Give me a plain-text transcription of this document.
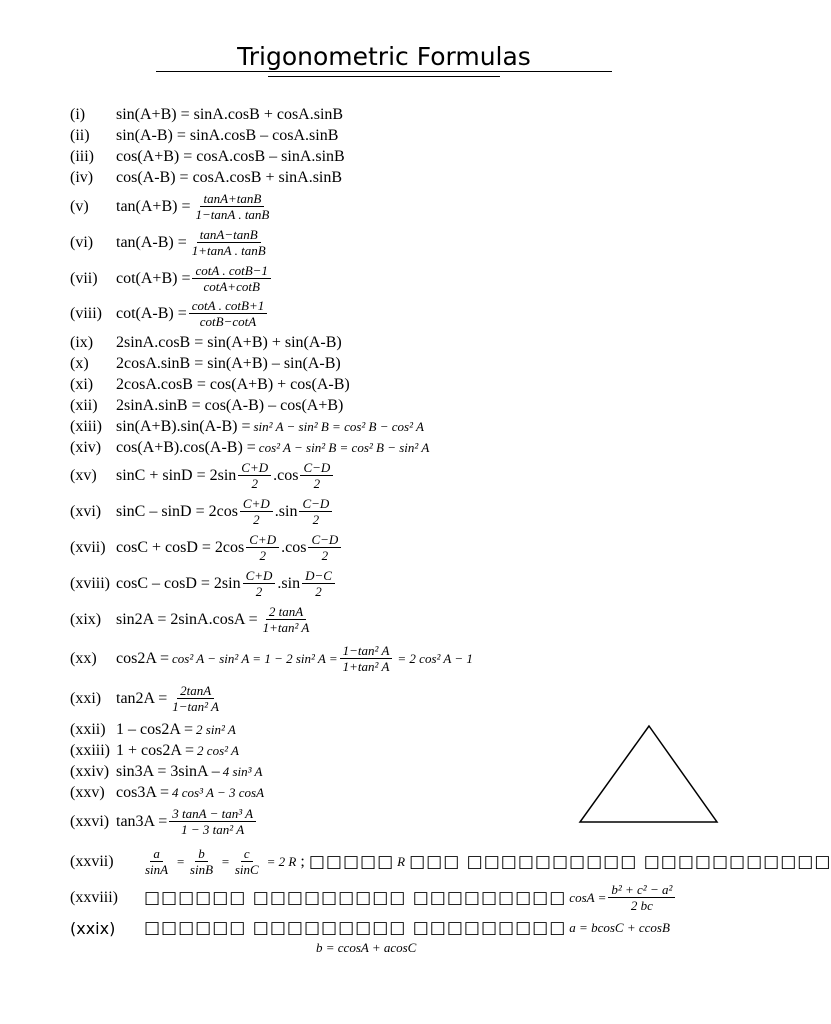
Trigonometric Formulas
(i)	sin(A+B) = sinA.cosB + cosA.sinB
(ii)	sin(A-B) = sinA.cosB – cosA.sinB
(iii)	cos(A+B) = cosA.cosB – sinA.sinB
(iv)	cos(A-B) = cosA.cosB + sinA.sinB
(v)	$\tan(A+B) = \frac{\tan A+\tan B}{1-\tan A . \tan B}$
(vi)	$\tan(A-B) = \frac{\tan A-\tan B}{1+\tan A . \tan B}$
(vii)	$\cot(A+B) = \frac{\cot A . \cot B-1}{\cot A+\cot B}$
(viii) $\cot(A-B) = \frac{\cot A . \cot B+1}{\cot B-\cot A}$
(ix)	2sinA.cosB = sin(A+B) + sin(A-B)
(x)	2cosA.sinB = sin(A+B) – sin(A-B)
(xi)	2cosA.cosB = cos(A+B) + cos(A-B)
(xii)	2sinA.sinB = cos(A-B) – cos(A+B)
(xiii) sin(A+B).sin(A-B) = sin² A − sin² B = cos² B − cos² A
(xiv) cos(A+B).cos(A-B) = cos² A − sin² B = cos² B − sin² A
(xv)	$\sin C + \sin D = 2\sin \frac{C+D}{2} .\cos \frac{C-D}{2}$
(xvi) $\sin C - \sin D = 2\cos \frac{C+D}{2} .\sin \frac{C-D}{2}$
(xvii) $\cos C + \cos D = 2\cos \frac{C+D}{2} .\cos \frac{C-D}{2}$
(xviii) $\cos C - \cos D = 2\sin \frac{C+D}{2} .\sin \frac{D-C}{2}$
(xix) $\sin 2A = 2\sin A.\cos A = \frac{2 \tan A}{\text{1+tan² A}}$
(xx)	cos2A = cos² A − sin² A = 1 − 2 sin² $A = \frac{\text{1−tan² A}}{\text{1+tan² A}} = 2$ cos² A − 1
(xxi) $\tan 2A = \frac{2\tan A}{\text{1−tan² A}}$
(xxii) 1 – cos2A = 2 sin² A
(xxiii) 1 + cos2A = 2 cos² A
(xxiv) sin3A = 3sinA – 4 sin³ A
(xxv) cos3A = 4 cos³ A − 3 cosA
(xxvi) $\tan 3A = \frac{\text{3 tanA − tan³ A}}{\text{1 − 3 tan² A}}$
(xxvii)	$\frac{a}{\sin A} = \frac{b}{\sin B} = \frac{c}{\sin C} = 2$ R ; □□□□□ R □□□ □□□□□□□□□□ □□□□□□□□□□□
(xxviii)	□□□□□□ □□□□□□□□□ □□□□□□□□□ $\cos A = \frac{\text{b² + c² − a²}}{2 bc}$
(xxix)	□□□□□□ □□□□□□□□□ □□□□□□□□□ a = bcosC + ccosB
b = ccosA + acosC
